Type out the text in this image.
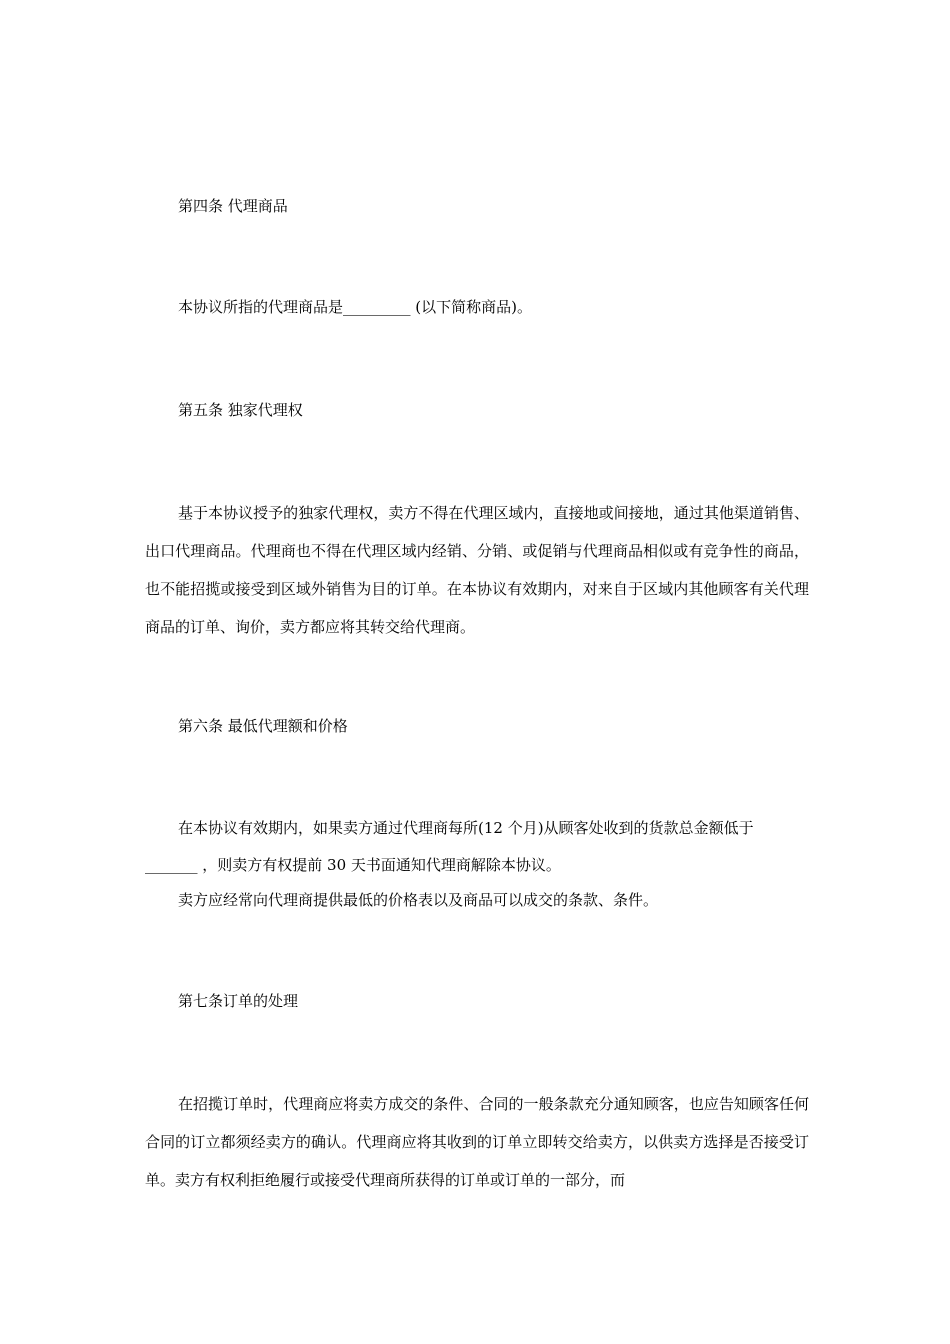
第四条 代理商品
本协议所指的代理商品是_________ (以下简称商品)。
第五条 独家代理权
基于本协议授予的独家代理权，卖方不得在代理区域内，直接地或间接地，通过其他渠道销售、出口代理商品。代理商也不得在代理区域内经销、分销、或促销与代理商品相似或有竞争性的商品，也不能招揽或接受到区域外销售为目的订单。在本协议有效期内，对来自于区域内其他顾客有关代理商品的订单、询价，卖方都应将其转交给代理商。
第六条 最低代理额和价格
在本协议有效期内，如果卖方通过代理商每所(12 个月)从顾客处收到的货款总金额低于
_______ ，则卖方有权提前 30 天书面通知代理商解除本协议。
卖方应经常向代理商提供最低的价格表以及商品可以成交的条款、条件。
第七条订单的处理
在招揽订单时，代理商应将卖方成交的条件、合同的一般条款充分通知顾客，也应告知顾客任何合同的订立都须经卖方的确认。代理商应将其收到的订单立即转交给卖方，以供卖方选择是否接受订单。卖方有权利拒绝履行或接受代理商所获得的订单或订单的一部分，而
